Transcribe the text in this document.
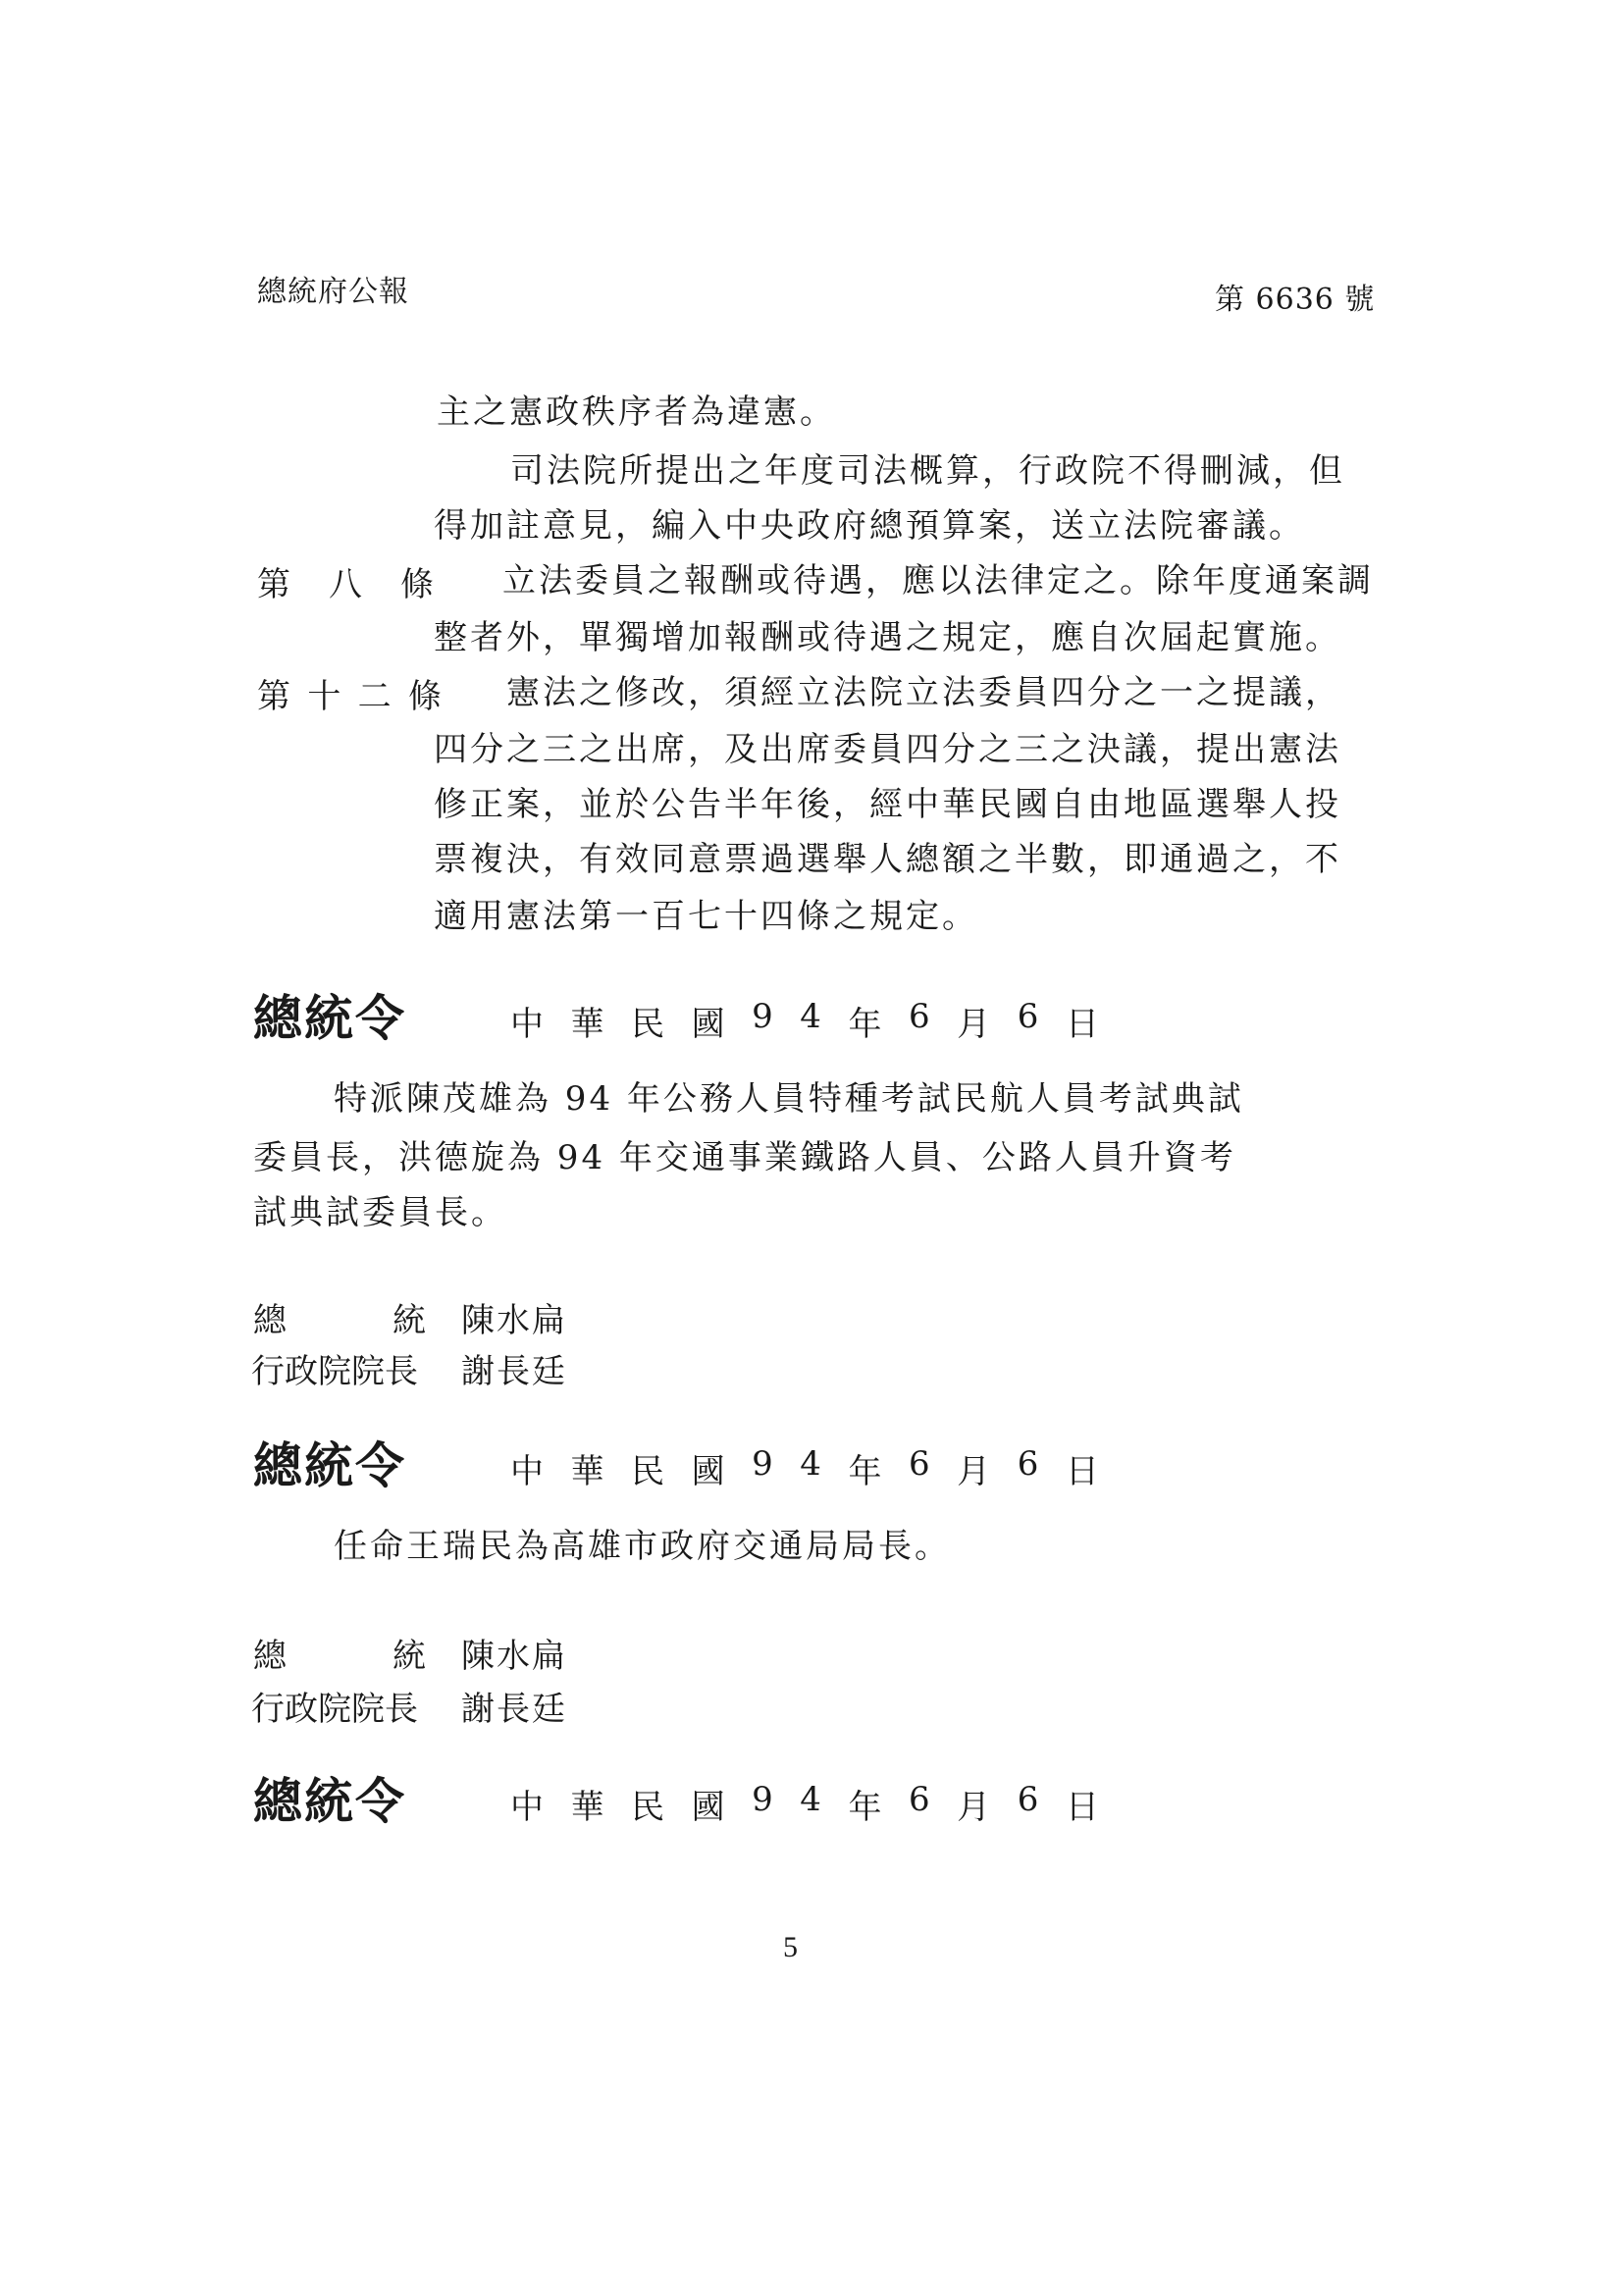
總統府公報	第 6636 號
主之憲政秩序者為違憲。
司法院所提出之年度司法概算，行政院不得刪減，但
得加註意見，編入中央政府總預算案，送立法院審議。
第 八 條 立法委員之報酬或待遇，應以法律定之。除年度通案調
整者外，單獨增加報酬或待遇之規定，應自次屆起實施。
第 十 二 條 憲法之修改，須經立法院立法委員四分之一之提議，
四分之三之出席，及出席委員四分之三之決議，提出憲法
修正案，並於公告半年後，經中華民國自由地區選舉人投
票複決，有效同意票過選舉人總額之半數，即通過之，不
適用憲法第一百七十四條之規定。
總統令	中 華 民 國 9 4 年 6 月 6 日
特派陳茂雄為 94 年公務人員特種考試民航人員考試典試
委員長，洪德旋為 94 年交通事業鐵路人員、公路人員升資考
試典試委員長。
總	統 陳水扁
行政院院長 謝長廷
總統令	中 華 民 國 9 4 年 6 月 6 日
任命王瑞民為高雄市政府交通局局長。
總	統 陳水扁
行政院院長 謝長廷
總統令	中 華 民 國 9 4 年 6 月 6 日
5
